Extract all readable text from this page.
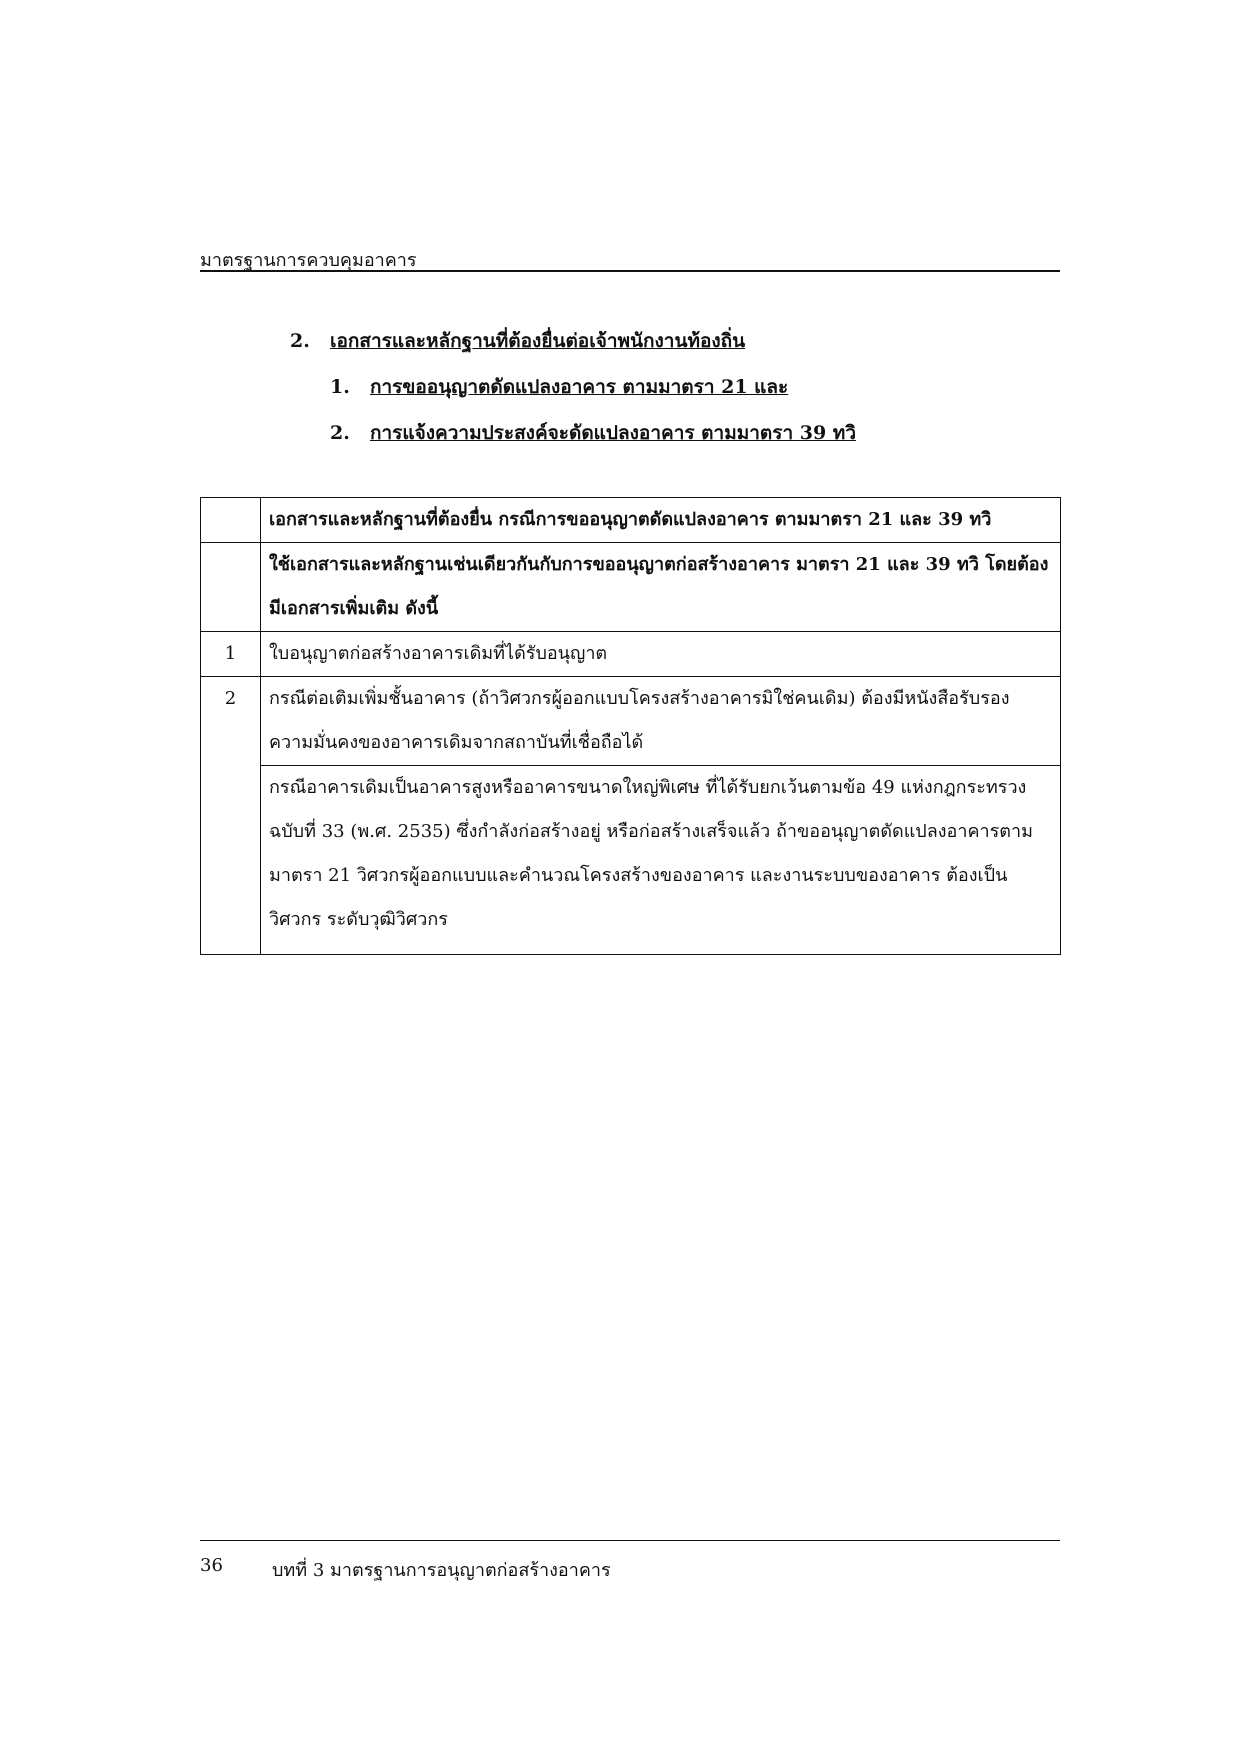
มาตรฐานการควบคุมอาคาร
2. เอกสารและหลักฐานที่ต้องยื่นต่อเจ้าพนักงานท้องถิ่น
1. การขออนุญาตดัดแปลงอาคาร ตามมาตรา 21 และ
2. การแจ้งความประสงค์จะดัดแปลงอาคาร ตามมาตรา 39 ทวิ
	เอกสารและหลักฐานที่ต้องยื่น กรณีการขออนุญาตดัดแปลงอาคาร ตามมาตรา 21 และ 39 ทวิ
	ใช้เอกสารและหลักฐานเช่นเดียวกันกับการขออนุญาตก่อสร้างอาคาร มาตรา 21 และ 39 ทวิ โดยต้องมีเอกสารเพิ่มเติม ดังนี้
1	ใบอนุญาตก่อสร้างอาคารเดิมที่ได้รับอนุญาต
2	กรณีต่อเติมเพิ่มชั้นอาคาร (ถ้าวิศวกรผู้ออกแบบโครงสร้างอาคารมิใช่คนเดิม) ต้องมีหนังสือรับรองความมั่นคงของอาคารเดิมจากสถาบันที่เชื่อถือได้
	กรณีอาคารเดิมเป็นอาคารสูงหรืออาคารขนาดใหญ่พิเศษ ที่ได้รับยกเว้นตามข้อ 49 แห่งกฎกระทรวงฉบับที่ 33 (พ.ศ. 2535) ซึ่งกำลังก่อสร้างอยู่ หรือก่อสร้างเสร็จแล้ว ถ้าขออนุญาตดัดแปลงอาคารตามมาตรา 21 วิศวกรผู้ออกแบบและคำนวณโครงสร้างของอาคาร และงานระบบของอาคาร ต้องเป็นวิศวกร ระดับวุฒิวิศวกร
36	บทที่ 3 มาตรฐานการอนุญาตก่อสร้างอาคาร
